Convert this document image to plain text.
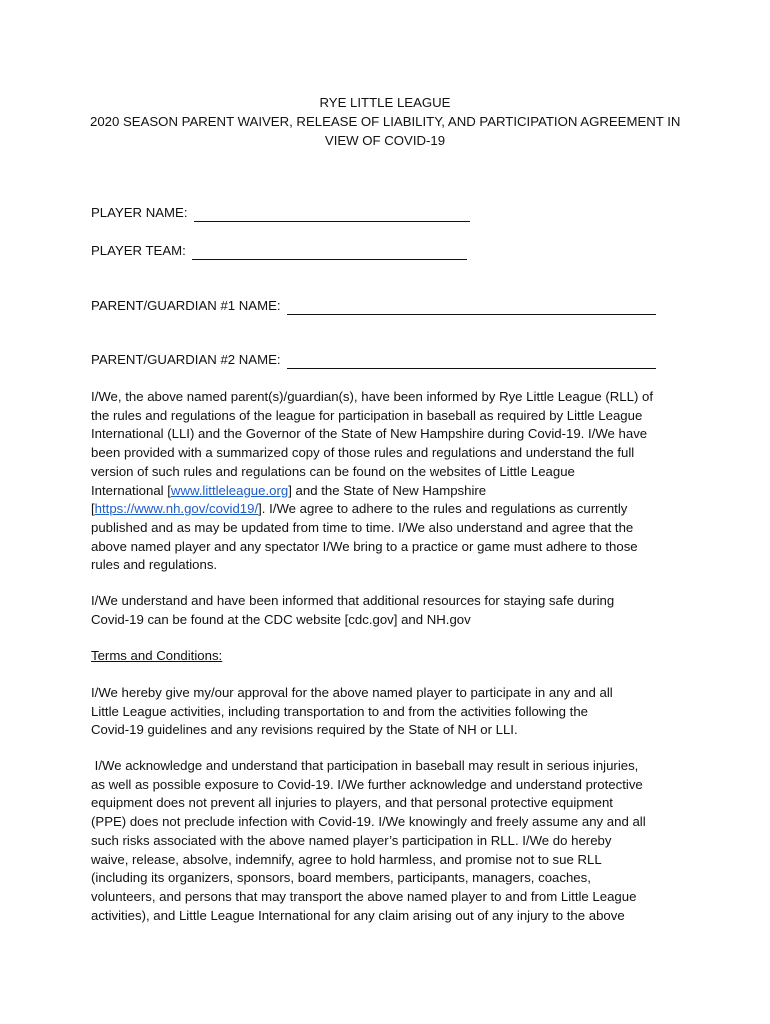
RYE LITTLE LEAGUE
2020 SEASON PARENT WAIVER, RELEASE OF LIABILITY, AND PARTICIPATION AGREEMENT IN
VIEW OF COVID-19
PLAYER NAME:
PLAYER TEAM:
PARENT/GUARDIAN #1 NAME:
PARENT/GUARDIAN #2 NAME:
I/We, the above named parent(s)/guardian(s), have been informed by Rye Little League (RLL) of
the rules and regulations of the league for participation in baseball as required by Little League
International (LLI) and the Governor of the State of New Hampshire during Covid-19. I/We have
been provided with a summarized copy of those rules and regulations and understand the full
version of such rules and regulations can be found on the websites of Little League
International [www.littleleague.org] and the State of New Hampshire
[https://www.nh.gov/covid19/]. I/We agree to adhere to the rules and regulations as currently
published and as may be updated from time to time. I/We also understand and agree that the
above named player and any spectator I/We bring to a practice or game must adhere to those
rules and regulations.
I/We understand and have been informed that additional resources for staying safe during
Covid-19 can be found at the CDC website [cdc.gov] and NH.gov
Terms and Conditions:
I/We hereby give my/our approval for the above named player to participate in any and all
Little League activities, including transportation to and from the activities following the
Covid-19 guidelines and any revisions required by the State of NH or LLI.
I/We acknowledge and understand that participation in baseball may result in serious injuries,
as well as possible exposure to Covid-19. I/We further acknowledge and understand protective
equipment does not prevent all injuries to players, and that personal protective equipment
(PPE) does not preclude infection with Covid-19. I/We knowingly and freely assume any and all
such risks associated with the above named player’s participation in RLL. I/We do hereby
waive, release, absolve, indemnify, agree to hold harmless, and promise not to sue RLL
(including its organizers, sponsors, board members, participants, managers, coaches,
volunteers, and persons that may transport the above named player to and from Little League
activities), and Little League International for any claim arising out of any injury to the above
